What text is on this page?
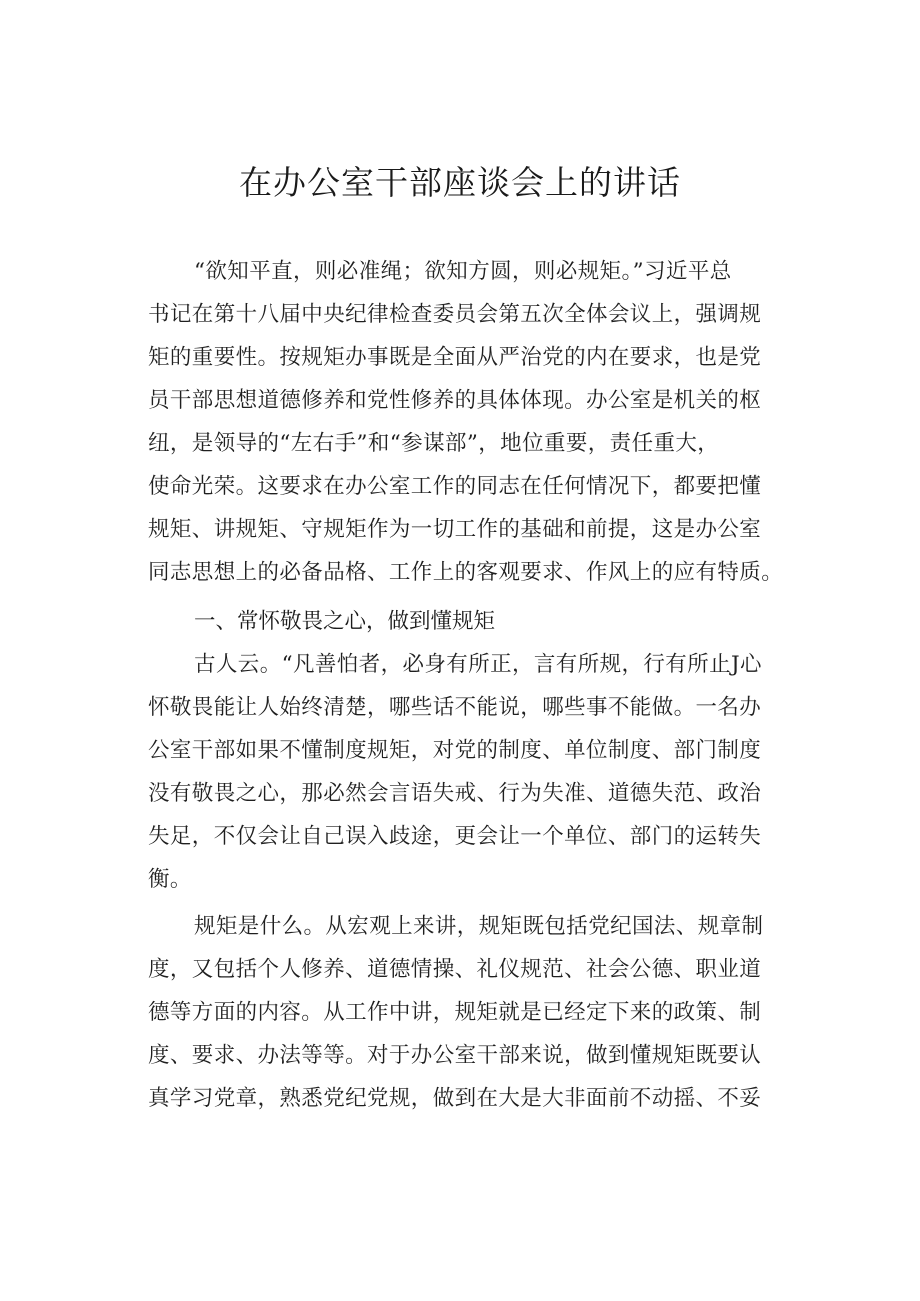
在办公室干部座谈会上的讲话
“欲知平直，则必准绳；欲知方圆，则必规矩。”习近平总
书记在第十八届中央纪律检查委员会第五次全体会议上，强调规
矩的重要性。按规矩办事既是全面从严治党的内在要求，也是党
员干部思想道德修养和党性修养的具体体现。办公室是机关的枢
纽，是领导的“左右手”和“参谋部”，地位重要，责任重大，
使命光荣。这要求在办公室工作的同志在任何情况下，都要把懂
规矩、讲规矩、守规矩作为一切工作的基础和前提，这是办公室
同志思想上的必备品格、工作上的客观要求、作风上的应有特质。
一、常怀敬畏之心，做到懂规矩
古人云。“凡善怕者，必身有所正，言有所规，行有所止J心
怀敬畏能让人始终清楚，哪些话不能说，哪些事不能做。一名办
公室干部如果不懂制度规矩，对党的制度、单位制度、部门制度
没有敬畏之心，那必然会言语失戒、行为失准、道德失范、政治
失足，不仅会让自己误入歧途，更会让一个单位、部门的运转失
衡。
规矩是什么。从宏观上来讲，规矩既包括党纪国法、规章制
度，又包括个人修养、道德情操、礼仪规范、社会公德、职业道
德等方面的内容。从工作中讲，规矩就是已经定下来的政策、制
度、要求、办法等等。对于办公室干部来说，做到懂规矩既要认
真学习党章，熟悉党纪党规，做到在大是大非面前不动摇、不妥
